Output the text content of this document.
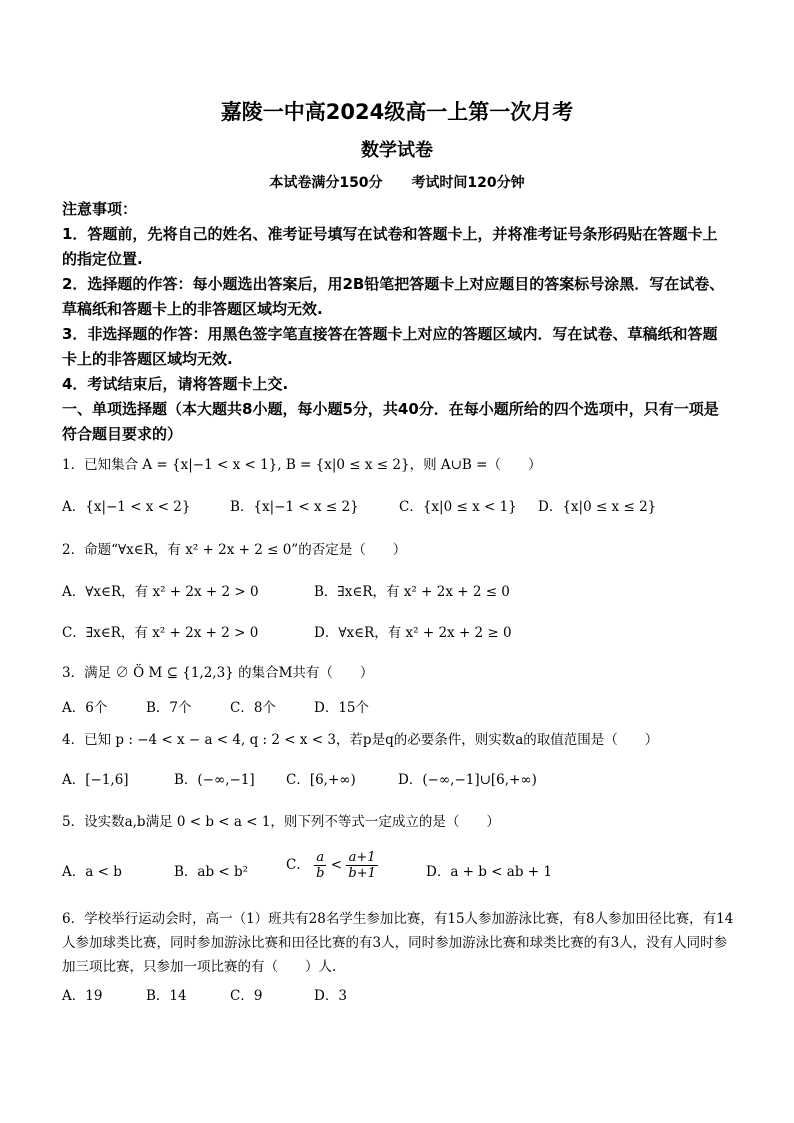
嘉陵一中高2024级高一上第一次月考
数学试卷
本试卷满分150分 考试时间120分钟
注意事项：
1．答题前，先将自己的姓名、准考证号填写在试卷和答题卡上，并将准考证号条形码贴在答题卡上的指定位置.
2．选择题的作答：每小题选出答案后，用2B铅笔把答题卡上对应题目的答案标号涂黑．写在试卷、草稿纸和答题卡上的非答题区域均无效.
3．非选择题的作答：用黑色签字笔直接答在答题卡上对应的答题区域内．写在试卷、草稿纸和答题卡上的非答题区域均无效.
4．考试结束后，请将答题卡上交.
一、单项选择题（本大题共8小题，每小题5分，共40分．在每小题所给的四个选项中，只有一项是符合题目要求的）
1．已知集合 A = {x|−1 < x < 1}, B = {x|0 ≤ x ≤ 2}，则 A∪B =（　　）
A．{x|−1 < x < 2}	B．{x|−1 < x ≤ 2}	C．{x|0 ≤ x < 1} D．{x|0 ≤ x ≤ 2}
2．命题“∀x∈R，有 x² + 2x + 2 ≤ 0”的否定是（　　）
A．∀x∈R，有 x² + 2x + 2 > 0	B．∃x∈R，有 x² + 2x + 2 ≤ 0
C．∃x∈R，有 x² + 2x + 2 > 0	D．∀x∈R，有 x² + 2x + 2 ≥ 0
3．满足 ∅ Ö M ⊆ {1,2,3} 的集合M共有（　　）
A．6个	B．7个	C．8个	D．15个
4．已知 p : −4 < x − a < 4, q : 2 < x < 3，若p是q的必要条件，则实数a的取值范围是（　　）
A．[−1,6]	B．(−∞,−1] C．[6,+∞)	D．(−∞,−1]∪[6,+∞)
5．设实数a,b满足 0 < b < a < 1，则下列不等式一定成立的是（　　）
A．a < b	B．ab < b²	C． $\frac{a}{b} < \frac{a+1}{b+1}$	D．a + b < ab + 1
6．学校举行运动会时，高一（1）班共有28名学生参加比赛，有15人参加游泳比赛，有8人参加田径比赛，有14人参加球类比赛，同时参加游泳比赛和田径比赛的有3人，同时参加游泳比赛和球类比赛的有3人，没有人同时参加三项比赛，只参加一项比赛的有（　　）人.
A．19	B．14	C．9	D．3
